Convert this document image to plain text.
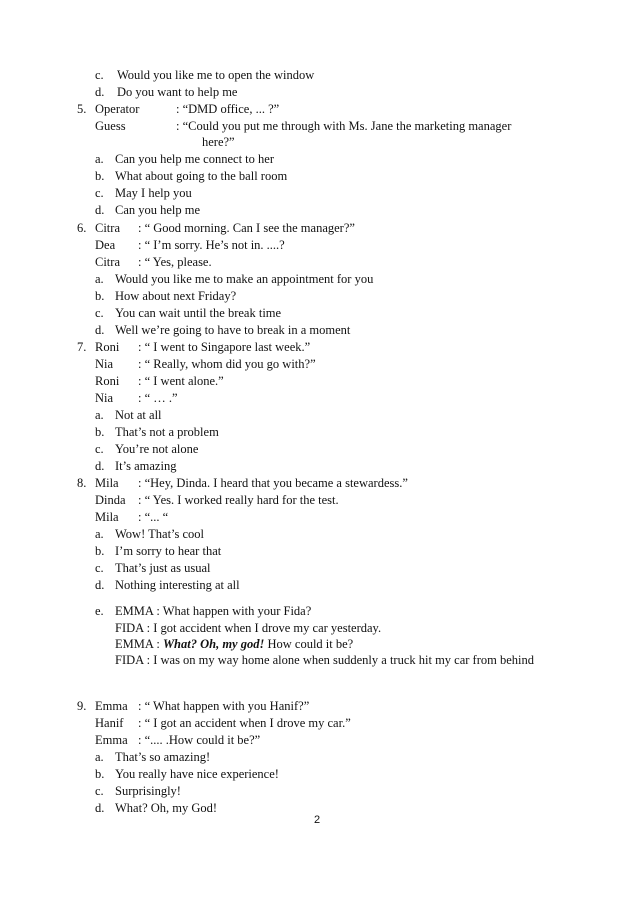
c. Would you like me to open the window
d. Do you want to help me
5. Operator	: “DMD office, ... ?”
Guess	: “Could you put me through with Ms. Jane the marketing manager
here?”
a. Can you help me connect to her
b. What about going to the ball room
c. May I help you
d. Can you help me
6. Citra : “ Good morning. Can I see the manager?”
Dea : “ I’m sorry. He’s not in. ....?
Citra : “ Yes, please.
a. Would you like me to make an appointment for you
b. How about next Friday?
c. You can wait until the break time
d. Well we’re going to have to break in a moment
7. Roni : “ I went to Singapore last week.”
Nia : “ Really, whom did you go with?”
Roni : “ I went alone.”
Nia : “ … .”
a. Not at all
b. That’s not a problem
c. You’re not alone
d. It’s amazing
8. Mila : “Hey, Dinda. I heard that you became a stewardess.”
Dinda : “ Yes. I worked really hard for the test.
Mila : “... “
a. Wow! That’s cool
b. I’m sorry to hear that
c. That’s just as usual
d. Nothing interesting at all
e. EMMA : What happen with your Fida?
FIDA : I got accident when I drove my car yesterday.
EMMA : What? Oh, my god! How could it be?
FIDA : I was on my way home alone when suddenly a truck hit my car from behind
9. Emma : “ What happen with you Hanif?”
Hanif : “ I got an accident when I drove my car.”
Emma : “.... .How could it be?”
a. That’s so amazing!
b. You really have nice experience!
c. Surprisingly!
d. What? Oh, my God!
2
